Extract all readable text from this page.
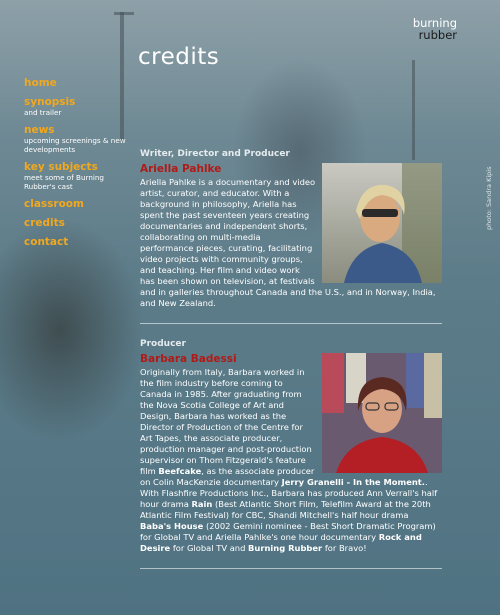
burning
rubber
credits
home
synopsis
and trailer
news
upcoming screenings & new developments
key subjects
meet some of Burning Rubber's cast
classroom
credits
contact
photo: Sandra Kipis
Writer, Director and Producer
Ariella Pahlke

Ariella Pahlke is a documentary and video artist, curator, and educator. With a background in philosophy, Ariella has spent the past seventeen years creating documentaries and independent shorts, collaborating on multi-media performance pieces, curating, facilitating video projects with community groups, and teaching. Her film and video work has been shown on television, at festivals and in galleries throughout Canada and the U.S., and in Norway, India, and New Zealand.

Producer
Barbara Badessi

Originally from Italy, Barbara worked in the film industry before coming to Canada in 1985. After graduating from the Nova Scotia College of Art and Design, Barbara has worked as the Director of Production of the Centre for Art Tapes, the associate producer, production manager and post-production supervisor on Thom Fitzgerald's feature film Beefcake, as the associate producer on Colin MacKenzie documentary Jerry Granelli - In the Moment.. With Flashfire Productions Inc., Barbara has produced Ann Verrall's half hour drama Rain (Best Atlantic Short Film, Telefilm Award at the 20th Atlantic Film Festival) for CBC, Shandi Mitchell's half hour drama Baba's House (2002 Gemini nominee - Best Short Dramatic Program) for Global TV and Ariella Pahlke's one hour documentary Rock and Desire for Global TV and Burning Rubber for Bravo!
